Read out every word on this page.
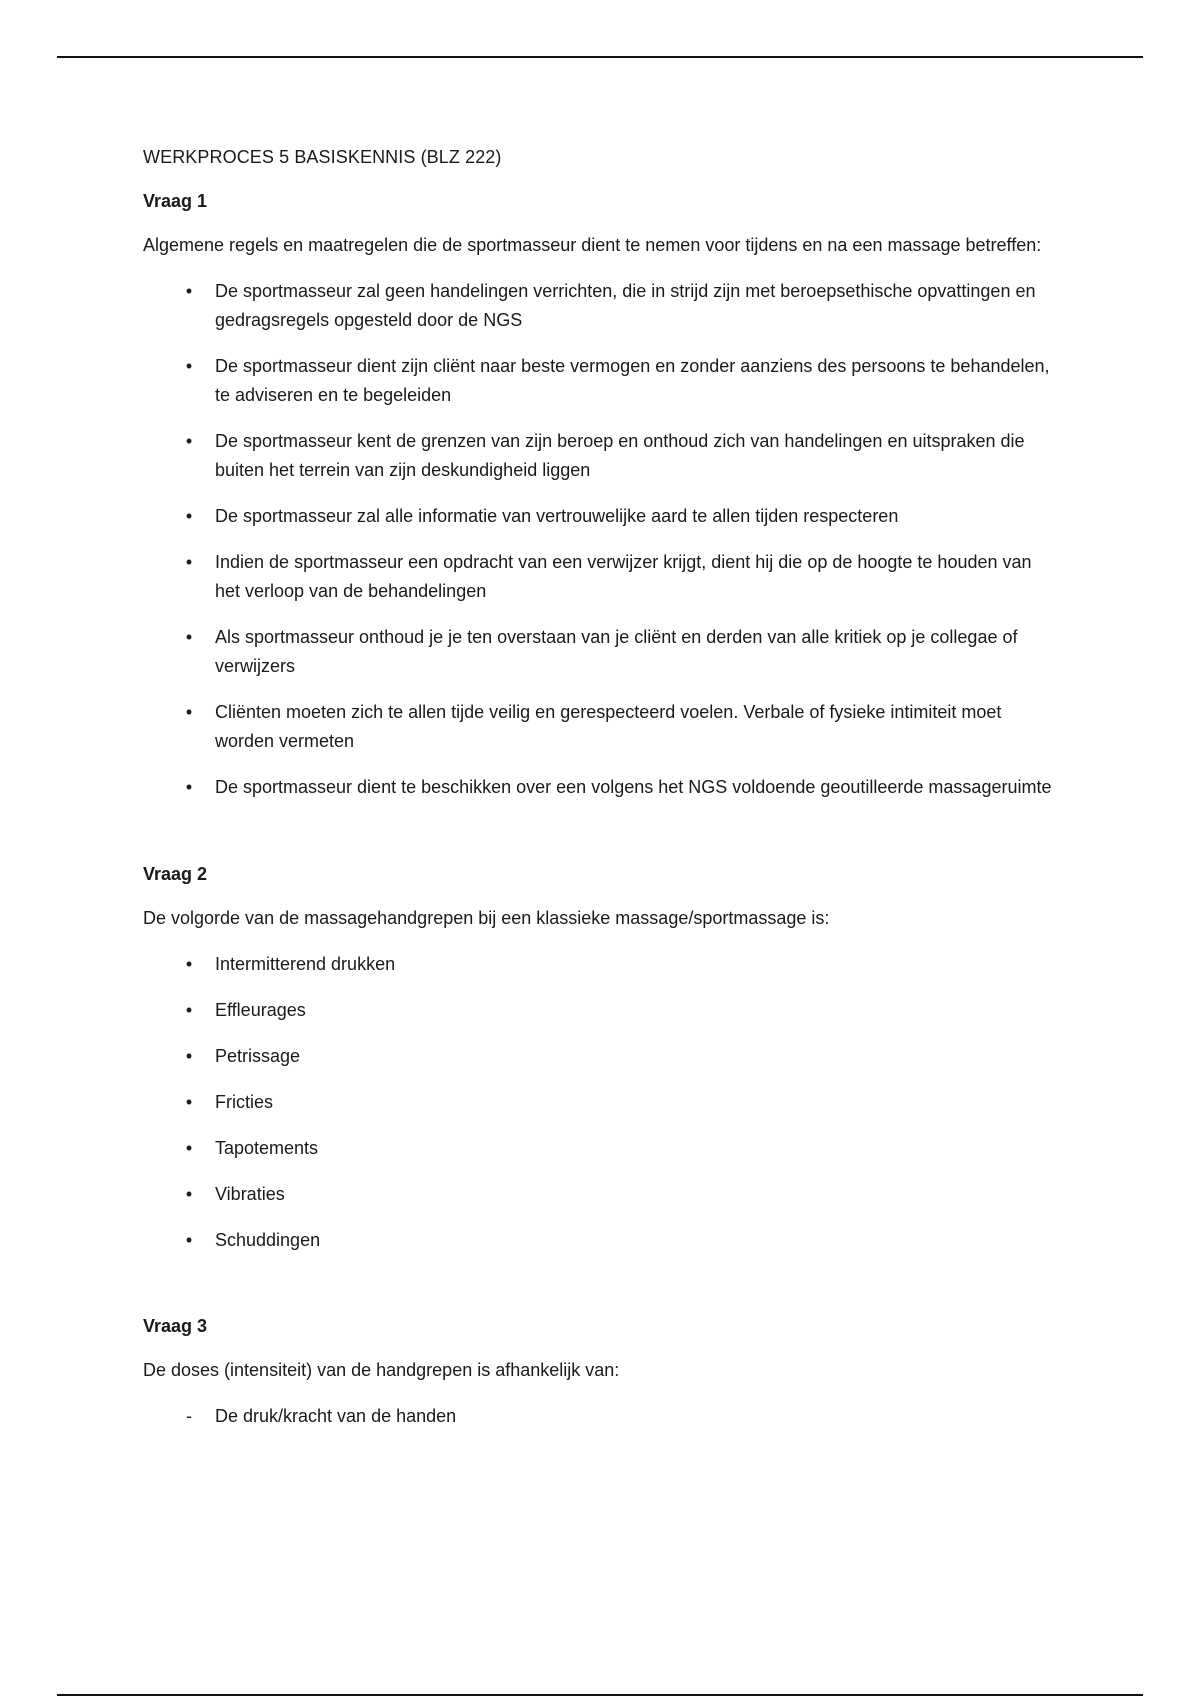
WERKPROCES 5 BASISKENNIS (BLZ 222)

Vraag 1

Algemene regels en maatregelen die de sportmasseur dient te nemen voor tijdens en na een massage betreffen:

• De sportmasseur zal geen handelingen verrichten, die in strijd zijn met beroepsethische opvattingen en gedragsregels opgesteld door de NGS
• De sportmasseur dient zijn cliënt naar beste vermogen en zonder aanziens des persoons te behandelen, te adviseren en te begeleiden
• De sportmasseur kent de grenzen van zijn beroep en onthoud zich van handelingen en uitspraken die buiten het terrein van zijn deskundigheid liggen
• De sportmasseur zal alle informatie van vertrouwelijke aard te allen tijden respecteren
• Indien de sportmasseur een opdracht van een verwijzer krijgt, dient hij die op de hoogte te houden van het verloop van de behandelingen
• Als sportmasseur onthoud je je ten overstaan van je cliënt en derden van alle kritiek op je collegae of verwijzers
• Cliënten moeten zich te allen tijde veilig en gerespecteerd voelen. Verbale of fysieke intimiteit moet worden vermeten
• De sportmasseur dient te beschikken over een volgens het NGS voldoende geoutilleerde massageruimte

Vraag 2

De volgorde van de massagehandgrepen bij een klassieke massage/sportmassage is:

• Intermitterend drukken
• Effleurages
• Petrissage
• Fricties
• Tapotements
• Vibraties
• Schuddingen

Vraag 3

De doses (intensiteit) van de handgrepen is afhankelijk van:

- De druk/kracht van de handen
